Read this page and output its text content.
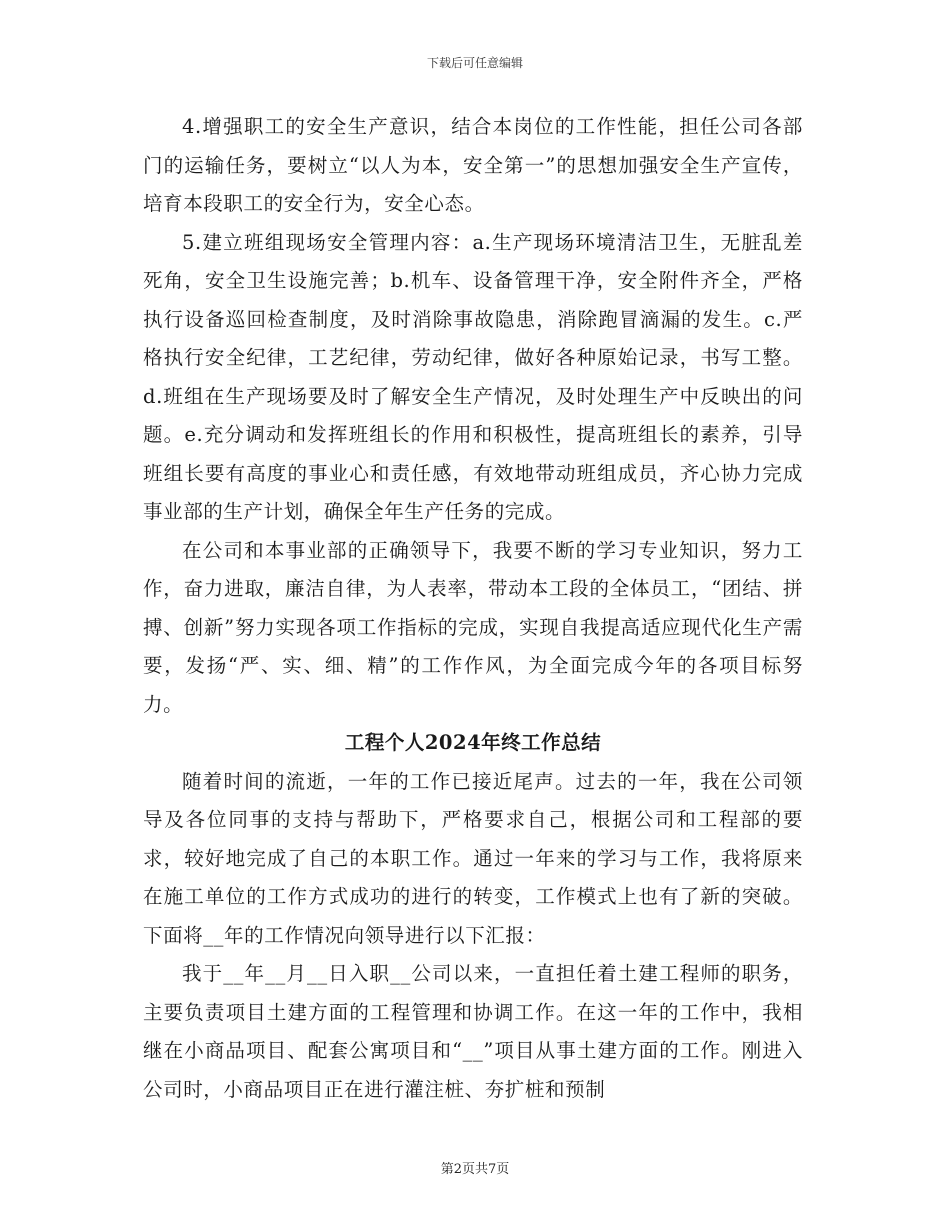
下载后可任意编辑

4.增强职工的安全生产意识，结合本岗位的工作性能，担任公司各部门的运输任务，要树立“以人为本，安全第一”的思想加强安全生产宣传，培育本段职工的安全行为，安全心态。

5.建立班组现场安全管理内容：a.生产现场环境清洁卫生，无脏乱差死角，安全卫生设施完善；b.机车、设备管理干净，安全附件齐全，严格执行设备巡回检查制度，及时消除事故隐患，消除跑冒滴漏的发生。c.严格执行安全纪律，工艺纪律，劳动纪律，做好各种原始记录，书写工整。d.班组在生产现场要及时了解安全生产情况，及时处理生产中反映出的问题。e.充分调动和发挥班组长的作用和积极性，提高班组长的素养，引导班组长要有高度的事业心和责任感，有效地带动班组成员，齐心协力完成事业部的生产计划，确保全年生产任务的完成。

在公司和本事业部的正确领导下，我要不断的学习专业知识，努力工作，奋力进取，廉洁自律，为人表率，带动本工段的全体员工，“团结、拼搏、创新”努力实现各项工作指标的完成，实现自我提高适应现代化生产需要，发扬“严、实、细、精”的工作作风，为全面完成今年的各项目标努力。

工程个人2024年终工作总结

随着时间的流逝，一年的工作已接近尾声。过去的一年，我在公司领导及各位同事的支持与帮助下，严格要求自己，根据公司和工程部的要求，较好地完成了自己的本职工作。通过一年来的学习与工作，我将原来在施工单位的工作方式成功的进行的转变，工作模式上也有了新的突破。下面将__年的工作情况向领导进行以下汇报：

我于__年__月__日入职__公司以来，一直担任着土建工程师的职务，主要负责项目土建方面的工程管理和协调工作。在这一年的工作中，我相继在小商品项目、配套公寓项目和“__”项目从事土建方面的工作。刚进入公司时，小商品项目正在进行灌注桩、夯扩桩和预制

第2页共7页
